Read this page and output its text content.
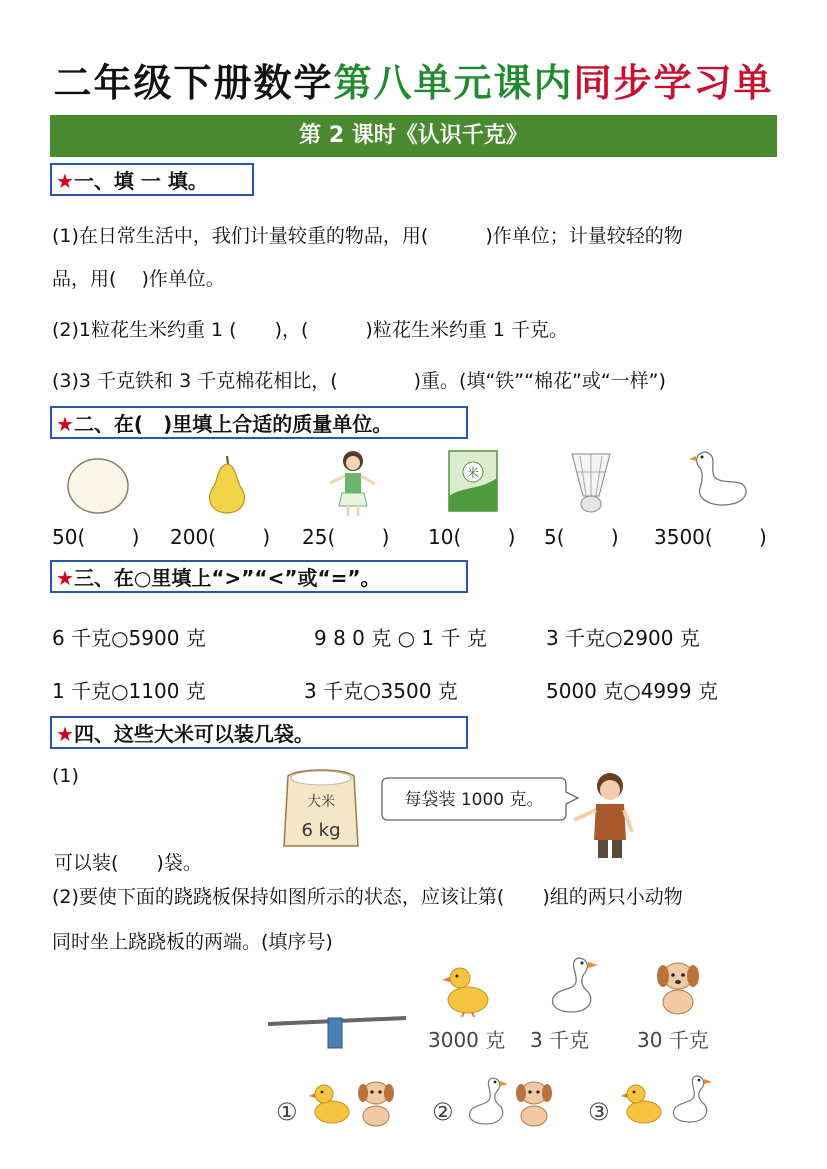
二年级下册数学第八单元课内同步学习单
第 2 课时《认识千克》
★一、填 一 填。
(1)在日常生活中，我们计量较重的物品，用(　　　)作单位；计量较轻的物
品，用(　 )作单位。
(2)1粒花生米约重 1 (　　)，(　　　)粒花生米约重 1 千克。
(3)3 千克铁和 3 千克棉花相比，(　　　　)重。(填“铁”“棉花”或“一样”)
★二、在(　)里填上合适的质量单位。
米
50(　　 ) 200(　　 ) 25(　　 ) 10(　　 ) 5(　　 ) 3500(　　 )
★三、在○里填上“>”“<”或“=”。
6 千克○5900 克	9 8 0 克 ○ 1 千 克	3 千克○2900 克
1 千克○1100 克	3 千克○3500 克	5000 克○4999 克
★四、这些大米可以装几袋。
(1)
大米
6 kg
每袋装 1000 克。
可以装(　　)袋。
(2)要使下面的跷跷板保持如图所示的状态，应该让第(　　)组的两只小动物
同时坐上跷跷板的两端。(填序号)
3000 克 3 千克 30 千克
①	②	③
